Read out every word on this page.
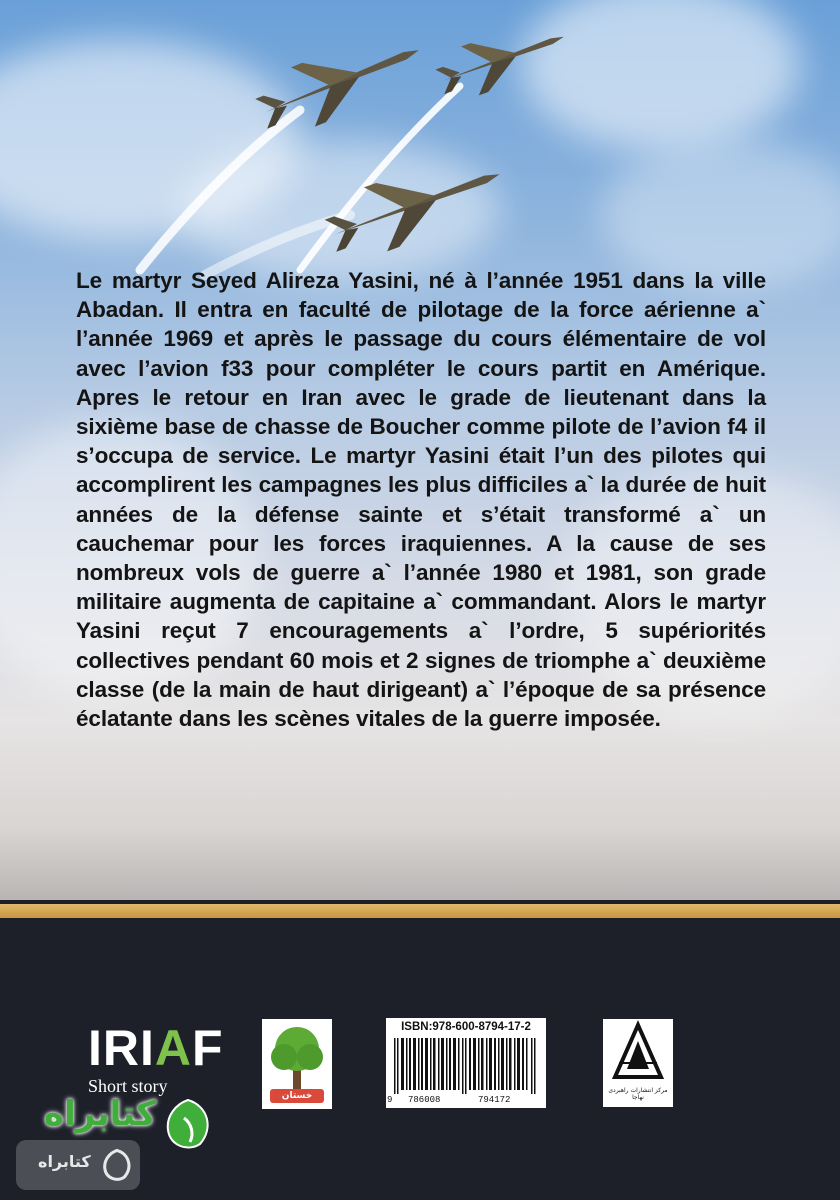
Le martyr Seyed Alireza Yasini, né à l’année 1951 dans la ville Abadan. Il entra en faculté de pilotage de la force aérienne a` l’année 1969 et après le passage du cours élémentaire de vol avec l’avion f33 pour compléter le cours partit en Amérique. Apres le retour en Iran avec le grade de lieutenant dans la sixième base de chasse de Boucher comme pilote de l’avion f4 il s’occupa de service. Le martyr Yasini était l’un des pilotes qui accomplirent les campagnes les plus difficiles a` la durée de huit années de la défense sainte et s’était transformé a` un cauchemar pour les forces iraquiennes. A la cause de ses nombreux vols de guerre a` l’année 1980 et 1981, son grade militaire augmenta de capitaine a` commandant. Alors le martyr Yasini reçut 7 encouragements a` l’ordre, 5 supériorités collectives pendant 60 mois et 2 signes de triomphe a` deuxième classe (de la main de haut dirigeant) a` l’époque de sa présence éclatante dans les scènes vitales de la guerre imposée.

IRIAF
Short story	خستان
ISBN:978-600-8794-17-2
9 786008	794172
مرکز انتشارات راهبردی نهاجا
کتابراه
کتابراه
